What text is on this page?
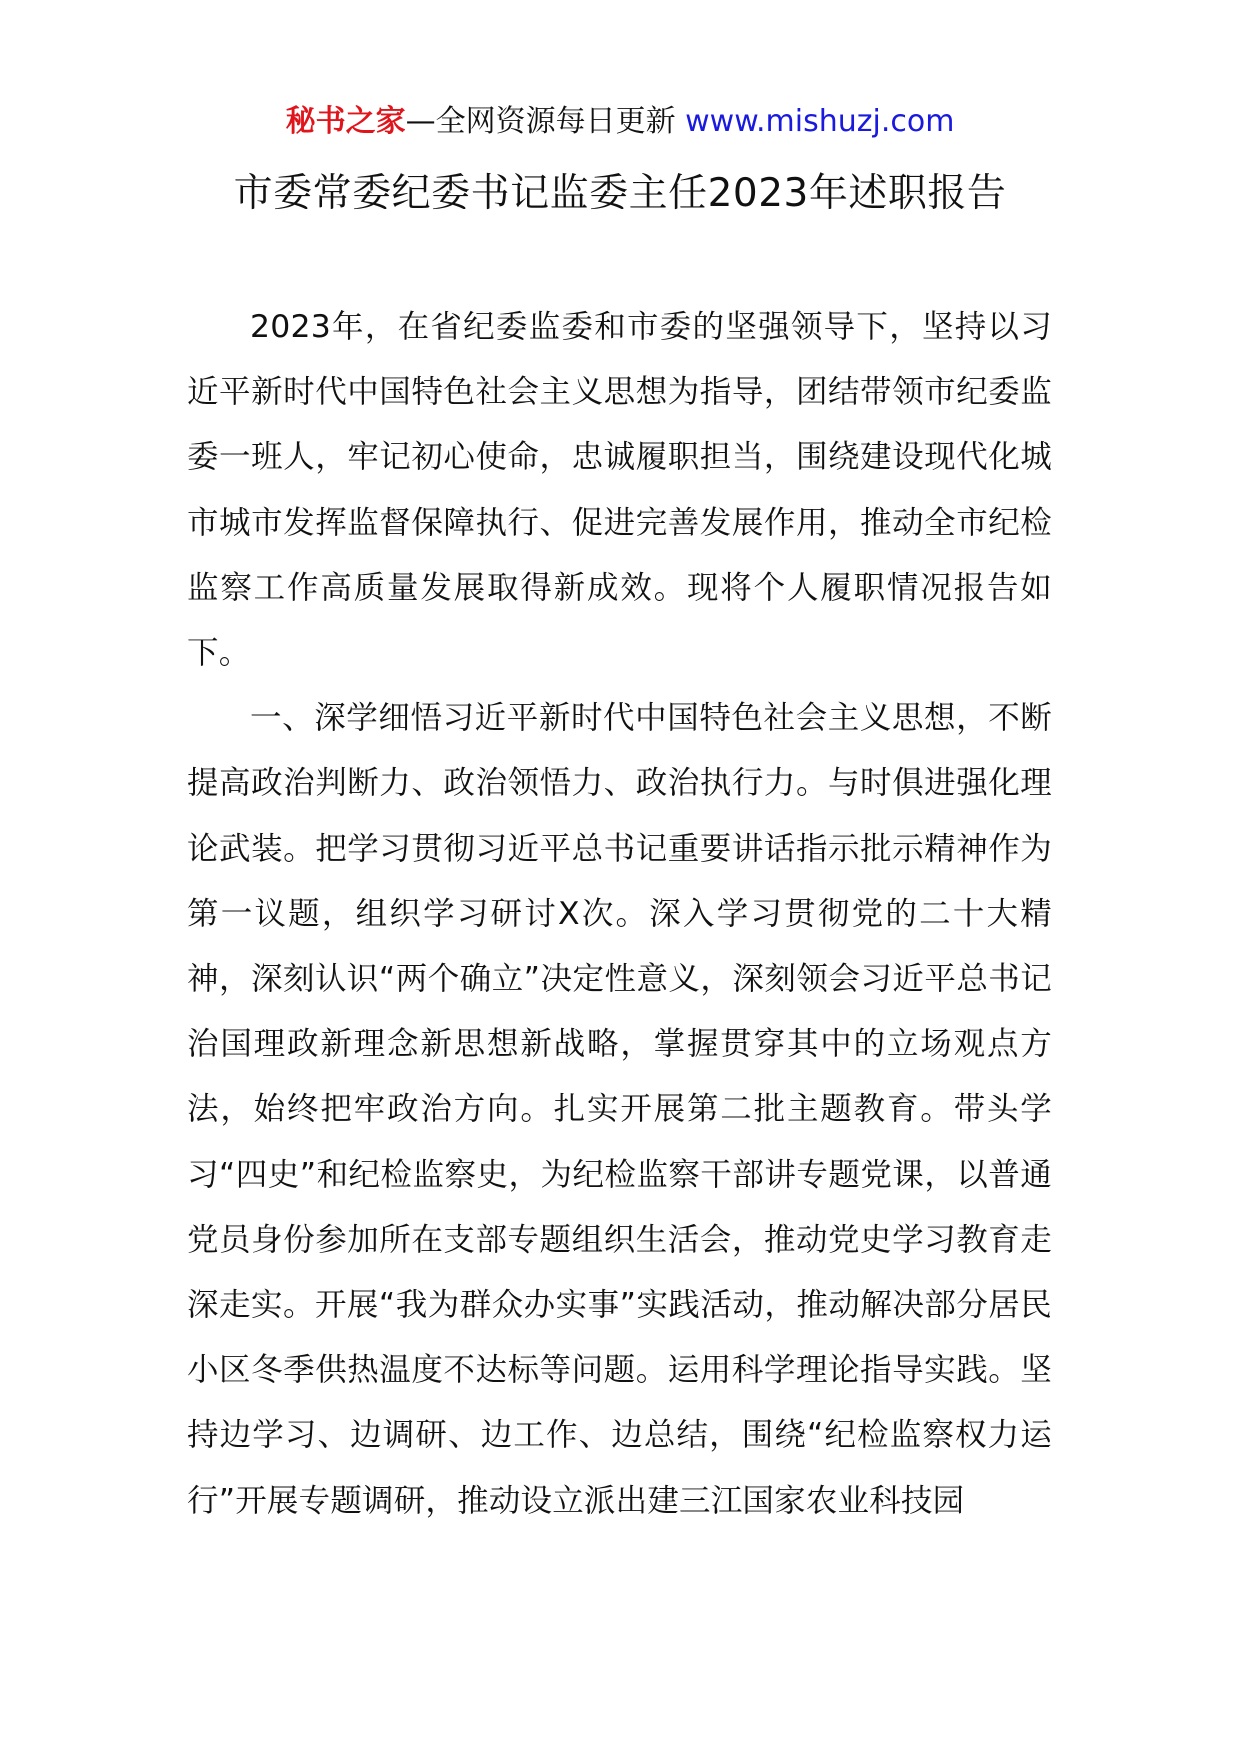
秘书之家—全网资源每日更新 www.mishuzj.com
市委常委纪委书记监委主任2023年述职报告

2023年，在省纪委监委和市委的坚强领导下，坚持以习近平新时代中国特色社会主义思想为指导，团结带领市纪委监委一班人，牢记初心使命，忠诚履职担当，围绕建设现代化城市城市发挥监督保障执行、促进完善发展作用，推动全市纪检监察工作高质量发展取得新成效。现将个人履职情况报告如下。

一、深学细悟习近平新时代中国特色社会主义思想，不断提高政治判断力、政治领悟力、政治执行力。与时俱进强化理论武装。把学习贯彻习近平总书记重要讲话指示批示精神作为第一议题，组织学习研讨X次。深入学习贯彻党的二十大精神，深刻认识“两个确立”决定性意义，深刻领会习近平总书记治国理政新理念新思想新战略，掌握贯穿其中的立场观点方法，始终把牢政治方向。扎实开展第二批主题教育。带头学习“四史”和纪检监察史，为纪检监察干部讲专题党课，以普通党员身份参加所在支部专题组织生活会，推动党史学习教育走深走实。开展“我为群众办实事”实践活动，推动解决部分居民小区冬季供热温度不达标等问题。运用科学理论指导实践。坚持边学习、边调研、边工作、边总结，围绕“纪检监察权力运行”开展专题调研，推动设立派出建三江国家农业科技园
